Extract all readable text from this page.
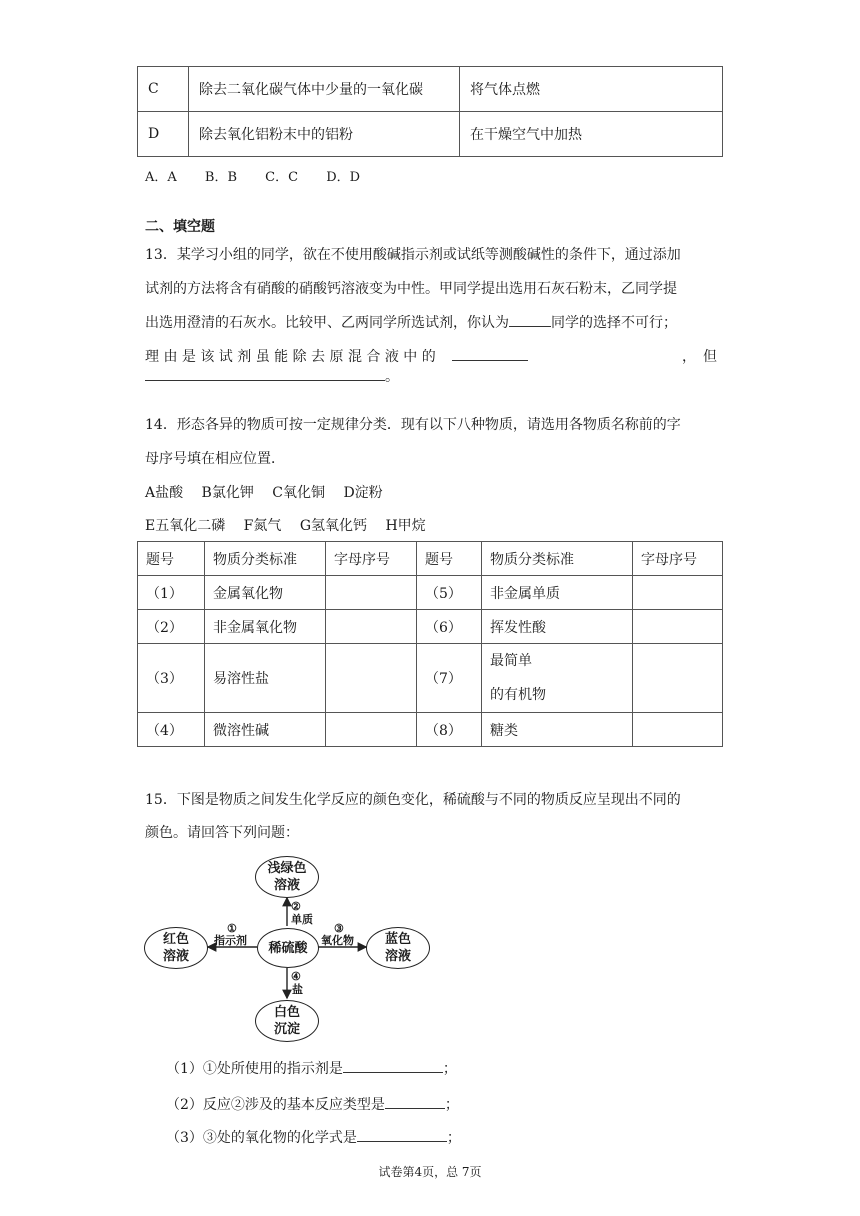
C	除去二氧化碳气体中少量的一氧化碳	将气体点燃
D	除去氧化铝粉末中的铝粉	在干燥空气中加热
A．A B．B C．C D．D
二、填空题
13．某学习小组的同学，欲在不使用酸碱指示剂或试纸等测酸碱性的条件下，通过添加
试剂的方法将含有硝酸的硝酸钙溶液变为中性。甲同学提出选用石灰石粉末，乙同学提
出选用澄清的石灰水。比较甲、乙两同学所选试剂，你认为	同学的选择不可行；
理 由 是 该 试 剂 虽 能 除 去 原 混 合 液 中 的	，　但
。
14．形态各异的物质可按一定规律分类．现有以下八种物质，请选用各物质名称前的字
母序号填在相应位置．
A盐酸　 B氯化钾　 C氧化铜　 D淀粉
E五氧化二磷　 F氮气　 G氢氧化钙　 H甲烷
题号	物质分类标准	字母序号	题号	物质分类标准	字母序号
（1）	金属氧化物		（5）	非金属单质	
（2）	非金属氧化物		（6）	挥发性酸	
（3）	易溶性盐		（7）	最简单
的有机物	

（4）	微溶性碱		（8）	糖类	
15．下图是物质之间发生化学反应的颜色变化，稀硫酸与不同的物质反应呈现出不同的
颜色。请回答下列问题：
浅绿色
溶液
红色
溶液
稀硫酸
蓝色
溶液
白色
沉淀
②
单质
①
指示剂
③
氧化物
④
盐
（1）①处所使用的指示剂是	；
（2）反应②涉及的基本反应类型是	；
（3）③处的氧化物的化学式是	；
试卷第4页，总 7页
